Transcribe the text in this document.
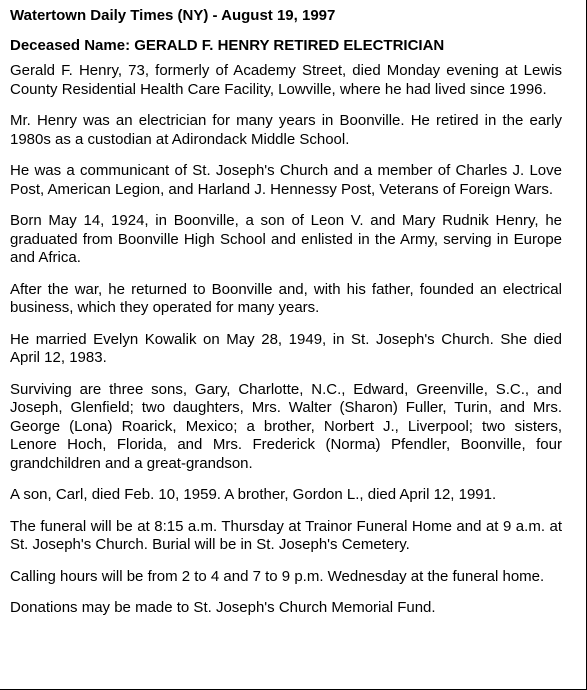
Watertown Daily Times (NY) - August 19, 1997
Deceased Name: GERALD F. HENRY RETIRED ELECTRICIAN

Gerald F. Henry, 73, formerly of Academy Street, died Monday evening at Lewis County Residential Health Care Facility, Lowville, where he had lived since 1996.

Mr. Henry was an electrician for many years in Boonville. He retired in the early 1980s as a custodian at Adirondack Middle School.

He was a communicant of St. Joseph's Church and a member of Charles J. Love Post, American Legion, and Harland J. Hennessy Post, Veterans of Foreign Wars.

Born May 14, 1924, in Boonville, a son of Leon V. and Mary Rudnik Henry, he graduated from Boonville High School and enlisted in the Army, serving in Europe and Africa.

After the war, he returned to Boonville and, with his father, founded an electrical business, which they operated for many years.

He married Evelyn Kowalik on May 28, 1949, in St. Joseph's Church. She died April 12, 1983.

Surviving are three sons, Gary, Charlotte, N.C., Edward, Greenville, S.C., and Joseph, Glenfield; two daughters, Mrs. Walter (Sharon) Fuller, Turin, and Mrs. George (Lona) Roarick, Mexico; a brother, Norbert J., Liverpool; two sisters, Lenore Hoch, Florida, and Mrs. Frederick (Norma) Pfendler, Boonville, four grandchildren and a great-grandson.

A son, Carl, died Feb. 10, 1959. A brother, Gordon L., died April 12, 1991.

The funeral will be at 8:15 a.m. Thursday at Trainor Funeral Home and at 9 a.m. at St. Joseph's Church. Burial will be in St. Joseph's Cemetery.

Calling hours will be from 2 to 4 and 7 to 9 p.m. Wednesday at the funeral home.

Donations may be made to St. Joseph's Church Memorial Fund.
